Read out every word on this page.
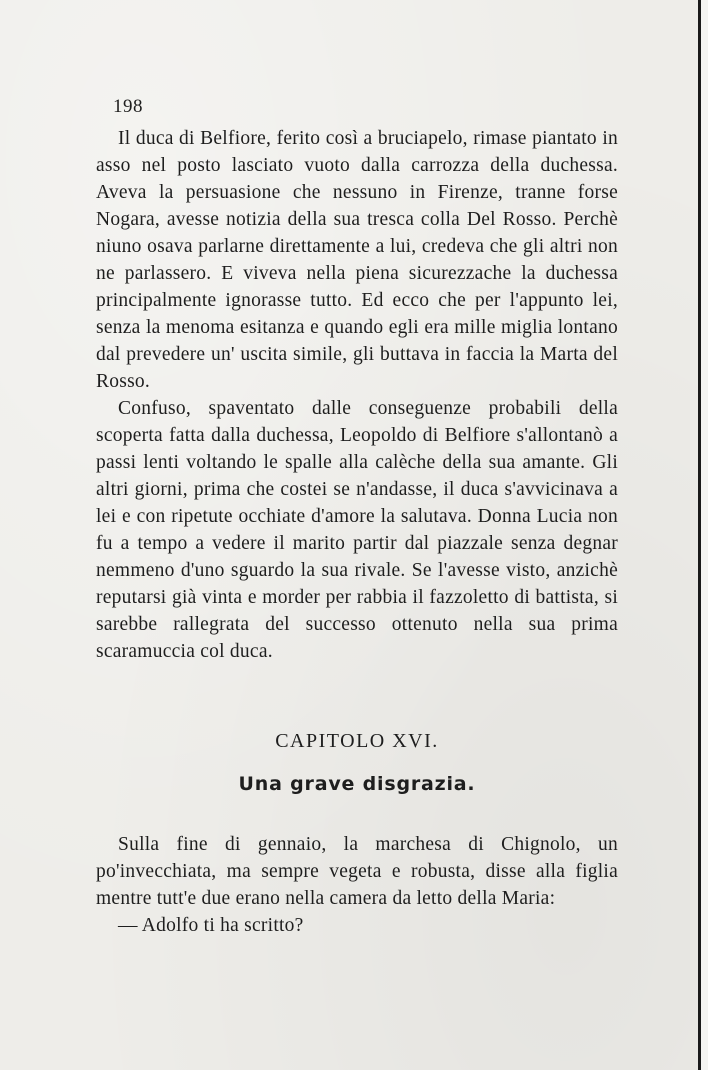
198

Il duca di Belfiore, ferito così a bruciapelo, rimase piantato in asso nel posto lasciato vuoto dalla carrozza della duchessa. Aveva la persuasione che nessuno in Firenze, tranne forse Nogara, avesse notizia della sua tresca colla Del Rosso. Perchè niuno osava parlarne direttamente a lui, credeva che gli altri non ne parlassero. E viveva nella piena sicurezzache la duchessa principalmente ignorasse tutto. Ed ecco che per l'appunto lei, senza la menoma esitanza e quando egli era mille miglia lontano dal prevedere un' uscita simile, gli buttava in faccia la Marta del Rosso.

Confuso, spaventato dalle conseguenze probabili della scoperta fatta dalla duchessa, Leopoldo di Belfiore s'allontanò a passi lenti voltando le spalle alla calèche della sua amante. Gli altri giorni, prima che costei se n'andasse, il duca s'avvicinava a lei e con ripetute occhiate d'amore la salutava. Donna Lucia non fu a tempo a vedere il marito partir dal piazzale senza degnar nemmeno d'uno sguardo la sua rivale. Se l'avesse visto, anzichè reputarsi già vinta e morder per rabbia il fazzoletto di battista, si sarebbe rallegrata del successo ottenuto nella sua prima scaramuccia col duca.

CAPITOLO XVI.
Una grave disgrazia.

Sulla fine di gennaio, la marchesa di Chignolo, un po'invecchiata, ma sempre vegeta e robusta, disse alla figlia mentre tutt'e due erano nella camera da letto della Maria:

— Adolfo ti ha scritto?
